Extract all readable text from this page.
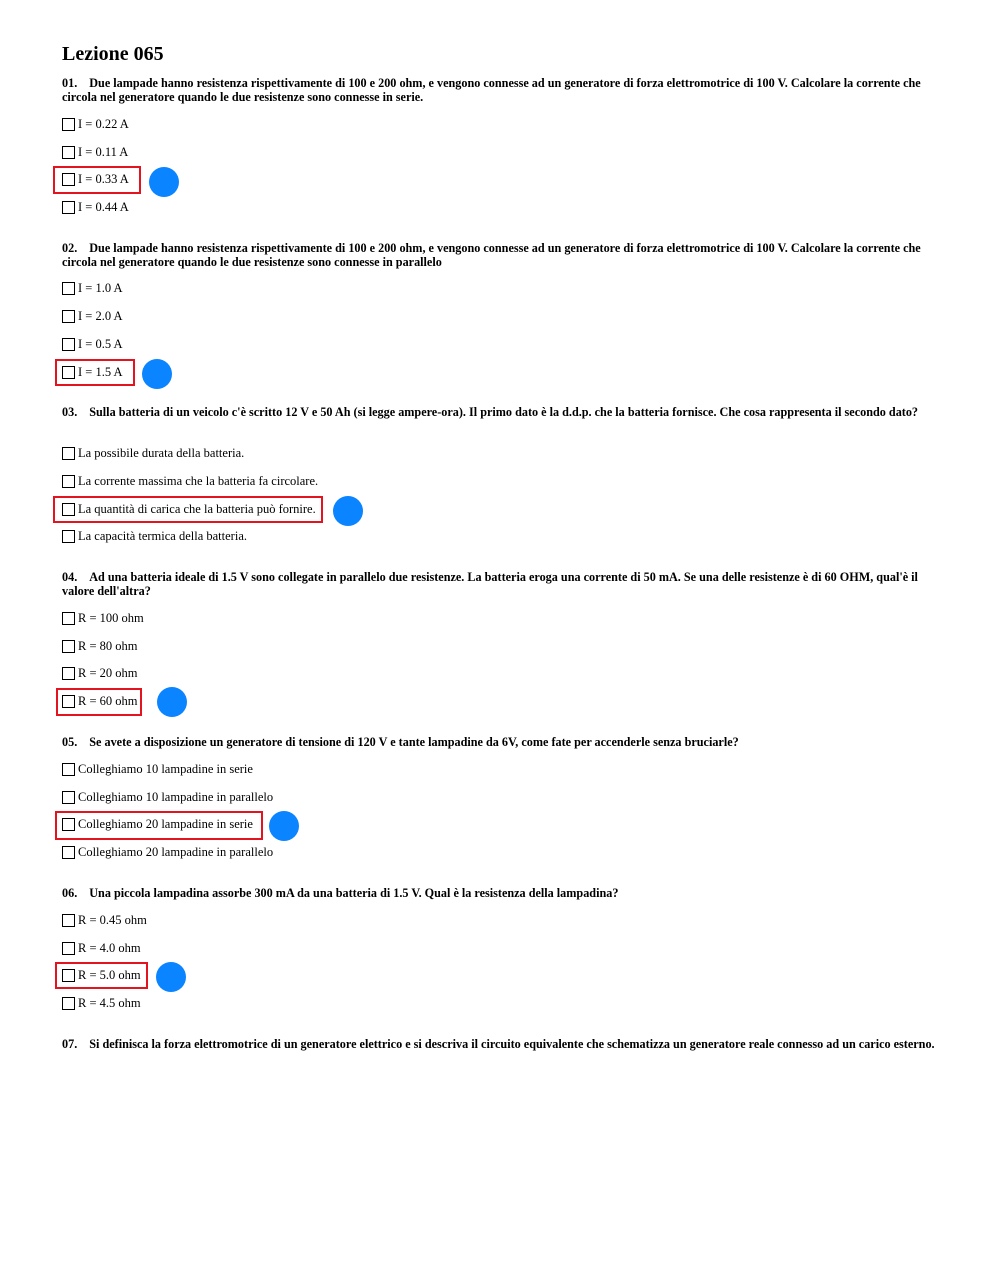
Lezione 065

01. Due lampade hanno resistenza rispettivamente di 100 e 200 ohm, e vengono connesse ad un generatore di forza elettromotrice di 100 V. Calcolare la corrente che circola nel generatore quando le due resistenze sono connesse in serie.

I = 0.22 A
I = 0.11 A
I = 0.33 A
I = 0.44 A

02. Due lampade hanno resistenza rispettivamente di 100 e 200 ohm, e vengono connesse ad un generatore di forza elettromotrice di 100 V. Calcolare la corrente che circola nel generatore quando le due resistenze sono connesse in parallelo

I = 1.0 A
I = 2.0 A
I = 0.5 A
I = 1.5 A

03. Sulla batteria di un veicolo c'è scritto 12 V e 50 Ah (si legge ampere-ora). Il primo dato è la d.d.p. che la batteria fornisce. Che cosa rappresenta il secondo dato?

La possibile durata della batteria.
La corrente massima che la batteria fa circolare.
La quantità di carica che la batteria può fornire.
La capacità termica della batteria.

04. Ad una batteria ideale di 1.5 V sono collegate in parallelo due resistenze. La batteria eroga una corrente di 50 mA. Se una delle resistenze è di 60 OHM, qual'è il valore dell'altra?

R = 100 ohm
R = 80 ohm
R = 20 ohm
R = 60 ohm

05. Se avete a disposizione un generatore di tensione di 120 V e tante lampadine da 6V, come fate per accenderle senza bruciarle?

Colleghiamo 10 lampadine in serie
Colleghiamo 10 lampadine in parallelo
Colleghiamo 20 lampadine in serie
Colleghiamo 20 lampadine in parallelo

06. Una piccola lampadina assorbe 300 mA da una batteria di 1.5 V. Qual è la resistenza della lampadina?

R = 0.45 ohm
R = 4.0 ohm
R = 5.0 ohm
R = 4.5 ohm

07. Si definisca la forza elettromotrice di un generatore elettrico e si descriva il circuito equivalente che schematizza un generatore reale connesso ad un carico esterno.
